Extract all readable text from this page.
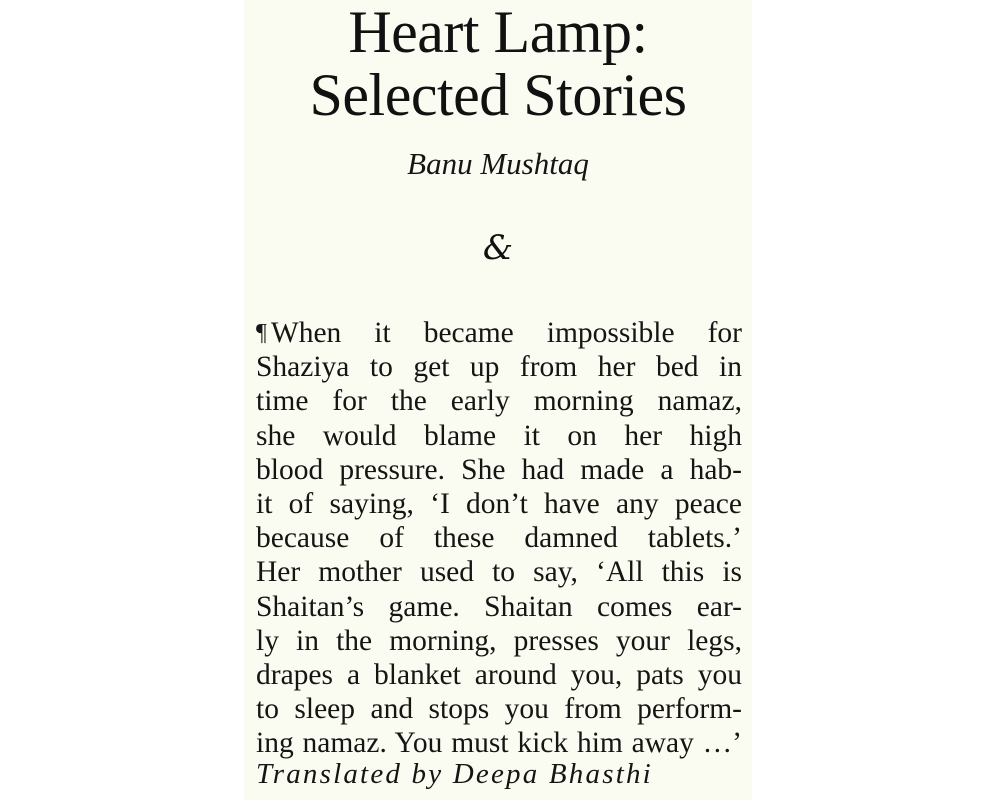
Heart Lamp:
Selected Stories
Banu Mushtaq
&
¶ When it became impossible for
Shaziya to get up from her bed in
time for the early morning namaz,
she would blame it on her high
blood pressure. She had made a hab-
it of saying, ‘I don’t have any peace
because of these damned tablets.’
Her mother used to say, ‘All this is
Shaitan’s game. Shaitan comes ear-
ly in the morning, presses your legs,
drapes a blanket around you, pats you
to sleep and stops you from perform-
ing namaz. You must kick him away …’
Translated by Deepa Bhasthi
